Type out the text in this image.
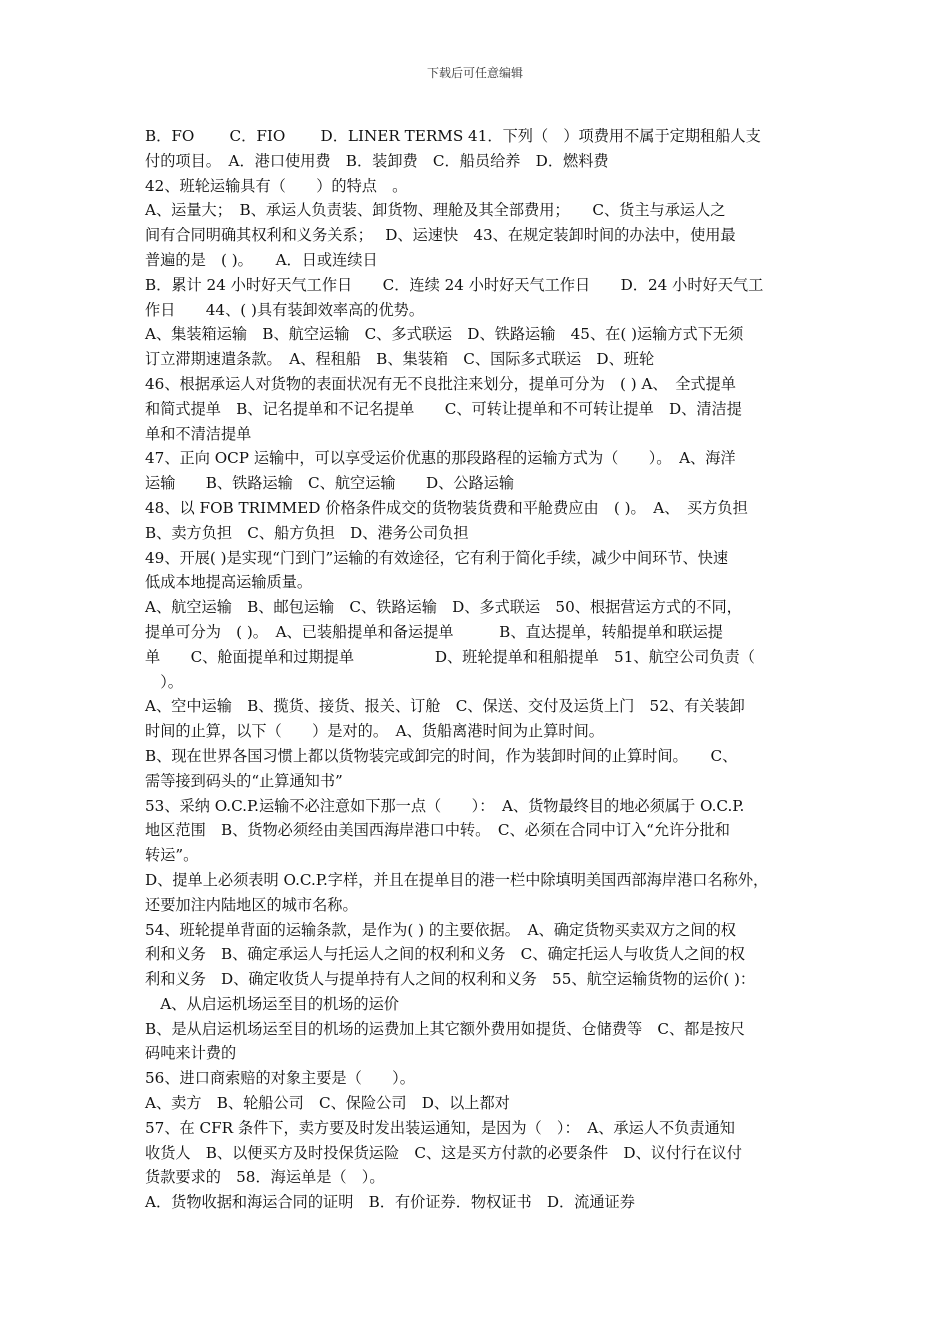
下载后可任意编辑

B．FO　　 C．FIO　　 D．LINER TERMS 41．下列（　）项费用不属于定期租船人支

付的项目。　A．港口使用费　B．装卸费　C．船员给养　D．燃料费

42、班轮运输具有（　　）的特点　。

A、运量大；　B、承运人负责装、卸货物、理舱及其全部费用；　　C、货主与承运人之

间有合同明确其权利和义务关系；　 D、运速快　43、在规定装卸时间的办法中，使用最

普遍的是　( )。　　A．日或连续日

B．累计 24 小时好天气工作日　　C．连续 24 小时好天气工作日　　D．24 小时好天气工

作日　　44、( )具有装卸效率高的优势。

A、集装箱运输　B、航空运输　C、多式联运　D、铁路运输　45、在( )运输方式下无须

订立滞期速遣条款。　A、程租船　B、集装箱　C、国际多式联运　D、班轮

46、根据承运人对货物的表面状况有无不良批注来划分，提单可分为　( ) A、　全式提单

和简式提单　B、记名提单和不记名提单　　C、可转让提单和不可转让提单　D、清洁提

单和不清洁提单

47、正向 OCP 运输中，可以享受运价优惠的那段路程的运输方式为（　　）。　A、海洋

运输　　B、铁路运输　C、航空运输　　D、公路运输

48、以 FOB TRIMMED 价格条件成交的货物装货费和平舱费应由　( )。　A、　买方负担

B、卖方负担　C、船方负担　D、港务公司负担

49、开展( )是实现“门到门”运输的有效途径，它有利于简化手续，减少中间环节、快速

低成本地提高运输质量。

A、航空运输　B、邮包运输　C、铁路运输　D、多式联运　50、根据营运方式的不同，

提单可分为　( )。　A、已装船提单和备运提单　　　B、直达提单，转船提单和联运提

单　　C、舱面提单和过期提单　　　　　 D、班轮提单和租船提单　51、航空公司负责（

　）。

A、空中运输　B、揽货、接货、报关、订舱　C、保送、交付及运货上门　52、有关装卸

时间的止算，以下（　　）是对的。　A、货船离港时间为止算时间。

B、现在世界各国习惯上都以货物装完或卸完的时间，作为装卸时间的止算时间。　　C、

需等接到码头的“止算通知书”

53、采纳 O.C.P.运输不必注意如下那一点（　　）：　A、货物最终目的地必须属于 O.C.P.

地区范围　B、货物必须经由美国西海岸港口中转。　C、必须在合同中订入“允许分批和

转运”。

D、提单上必须表明 O.C.P.字样，并且在提单目的港一栏中除填明美国西部海岸港口名称外，

还要加注内陆地区的城市名称。

54、班轮提单背面的运输条款，是作为( ) 的主要依据。　A、确定货物买卖双方之间的权

利和义务　B、确定承运人与托运人之间的权利和义务　C、确定托运人与收货人之间的权

利和义务　D、确定收货人与提单持有人之间的权利和义务　55、航空运输货物的运价( )：

　A、从启运机场运至目的机场的运价

B、是从启运机场运至目的机场的运费加上其它额外费用如提货、仓储费等　C、都是按尺

码吨来计费的

56、进口商索赔的对象主要是（　　）。

A、卖方　B、轮船公司　C、保险公司　D、以上都对

57、在 CFR 条件下，卖方要及时发出装运通知，是因为（　）：　A、承运人不负责通知

收货人　B、以便买方及时投保货运险　C、这是买方付款的必要条件　D、议付行在议付

货款要求的　58．海运单是（　）。

A．货物收据和海运合同的证明　B．有价证券．物权证书　D．流通证券
